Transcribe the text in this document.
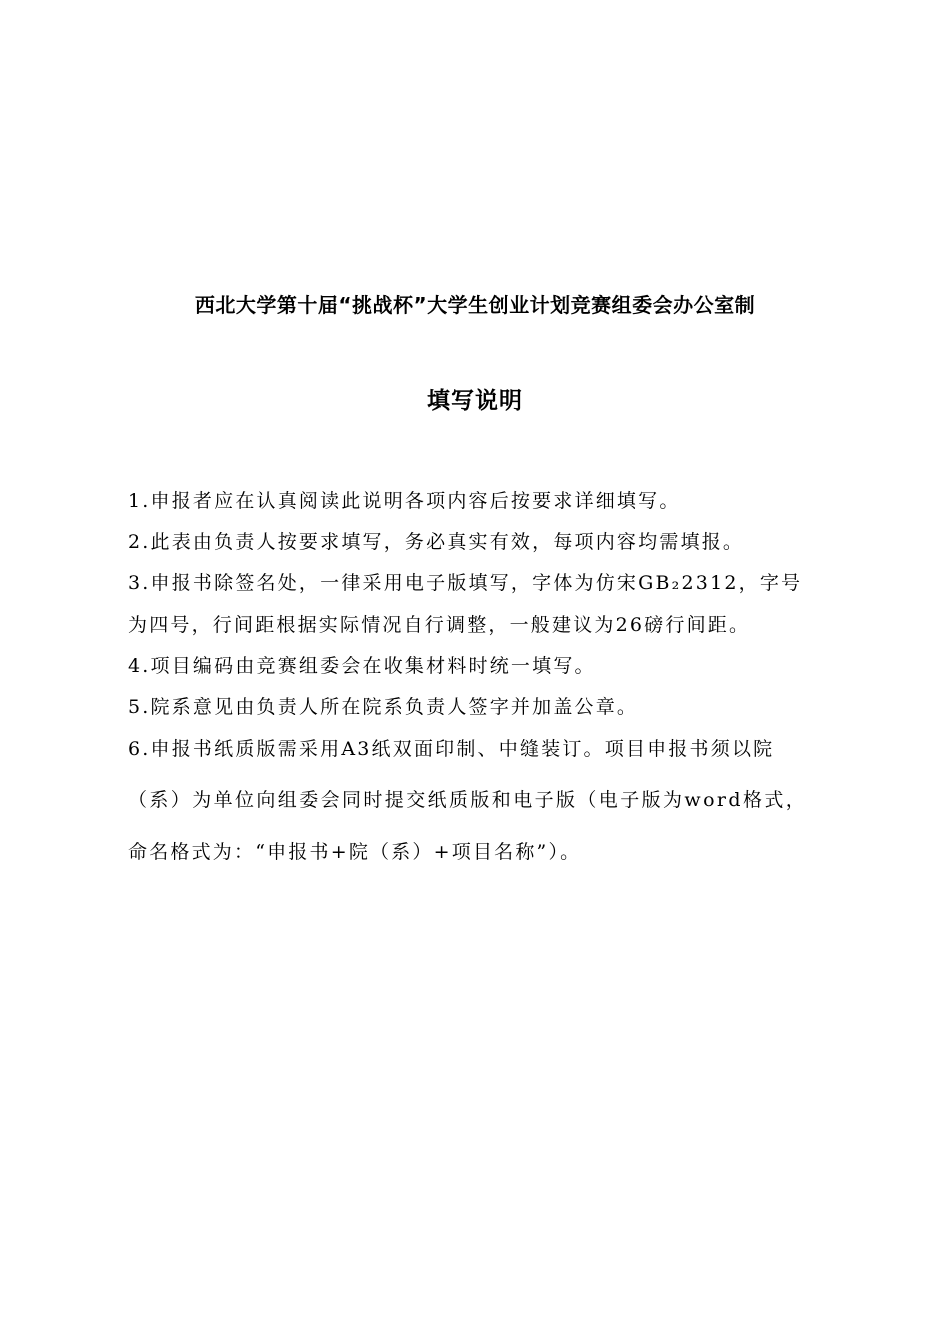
西北大学第十届“挑战杯”大学生创业计划竞赛组委会办公室制
填写说明
1.申报者应在认真阅读此说明各项内容后按要求详细填写。
2.此表由负责人按要求填写，务必真实有效，每项内容均需填报。
3.申报书除签名处，一律采用电子版填写，字体为仿宋GB₂2312，字号
为四号，行间距根据实际情况自行调整，一般建议为26磅行间距。
4.项目编码由竞赛组委会在收集材料时统一填写。
5.院系意见由负责人所在院系负责人签字并加盖公章。
6.申报书纸质版需采用A3纸双面印制、中缝装订。项目申报书须以院
（系）为单位向组委会同时提交纸质版和电子版（电子版为word格式，
命名格式为：“申报书+院（系）+项目名称”）。
